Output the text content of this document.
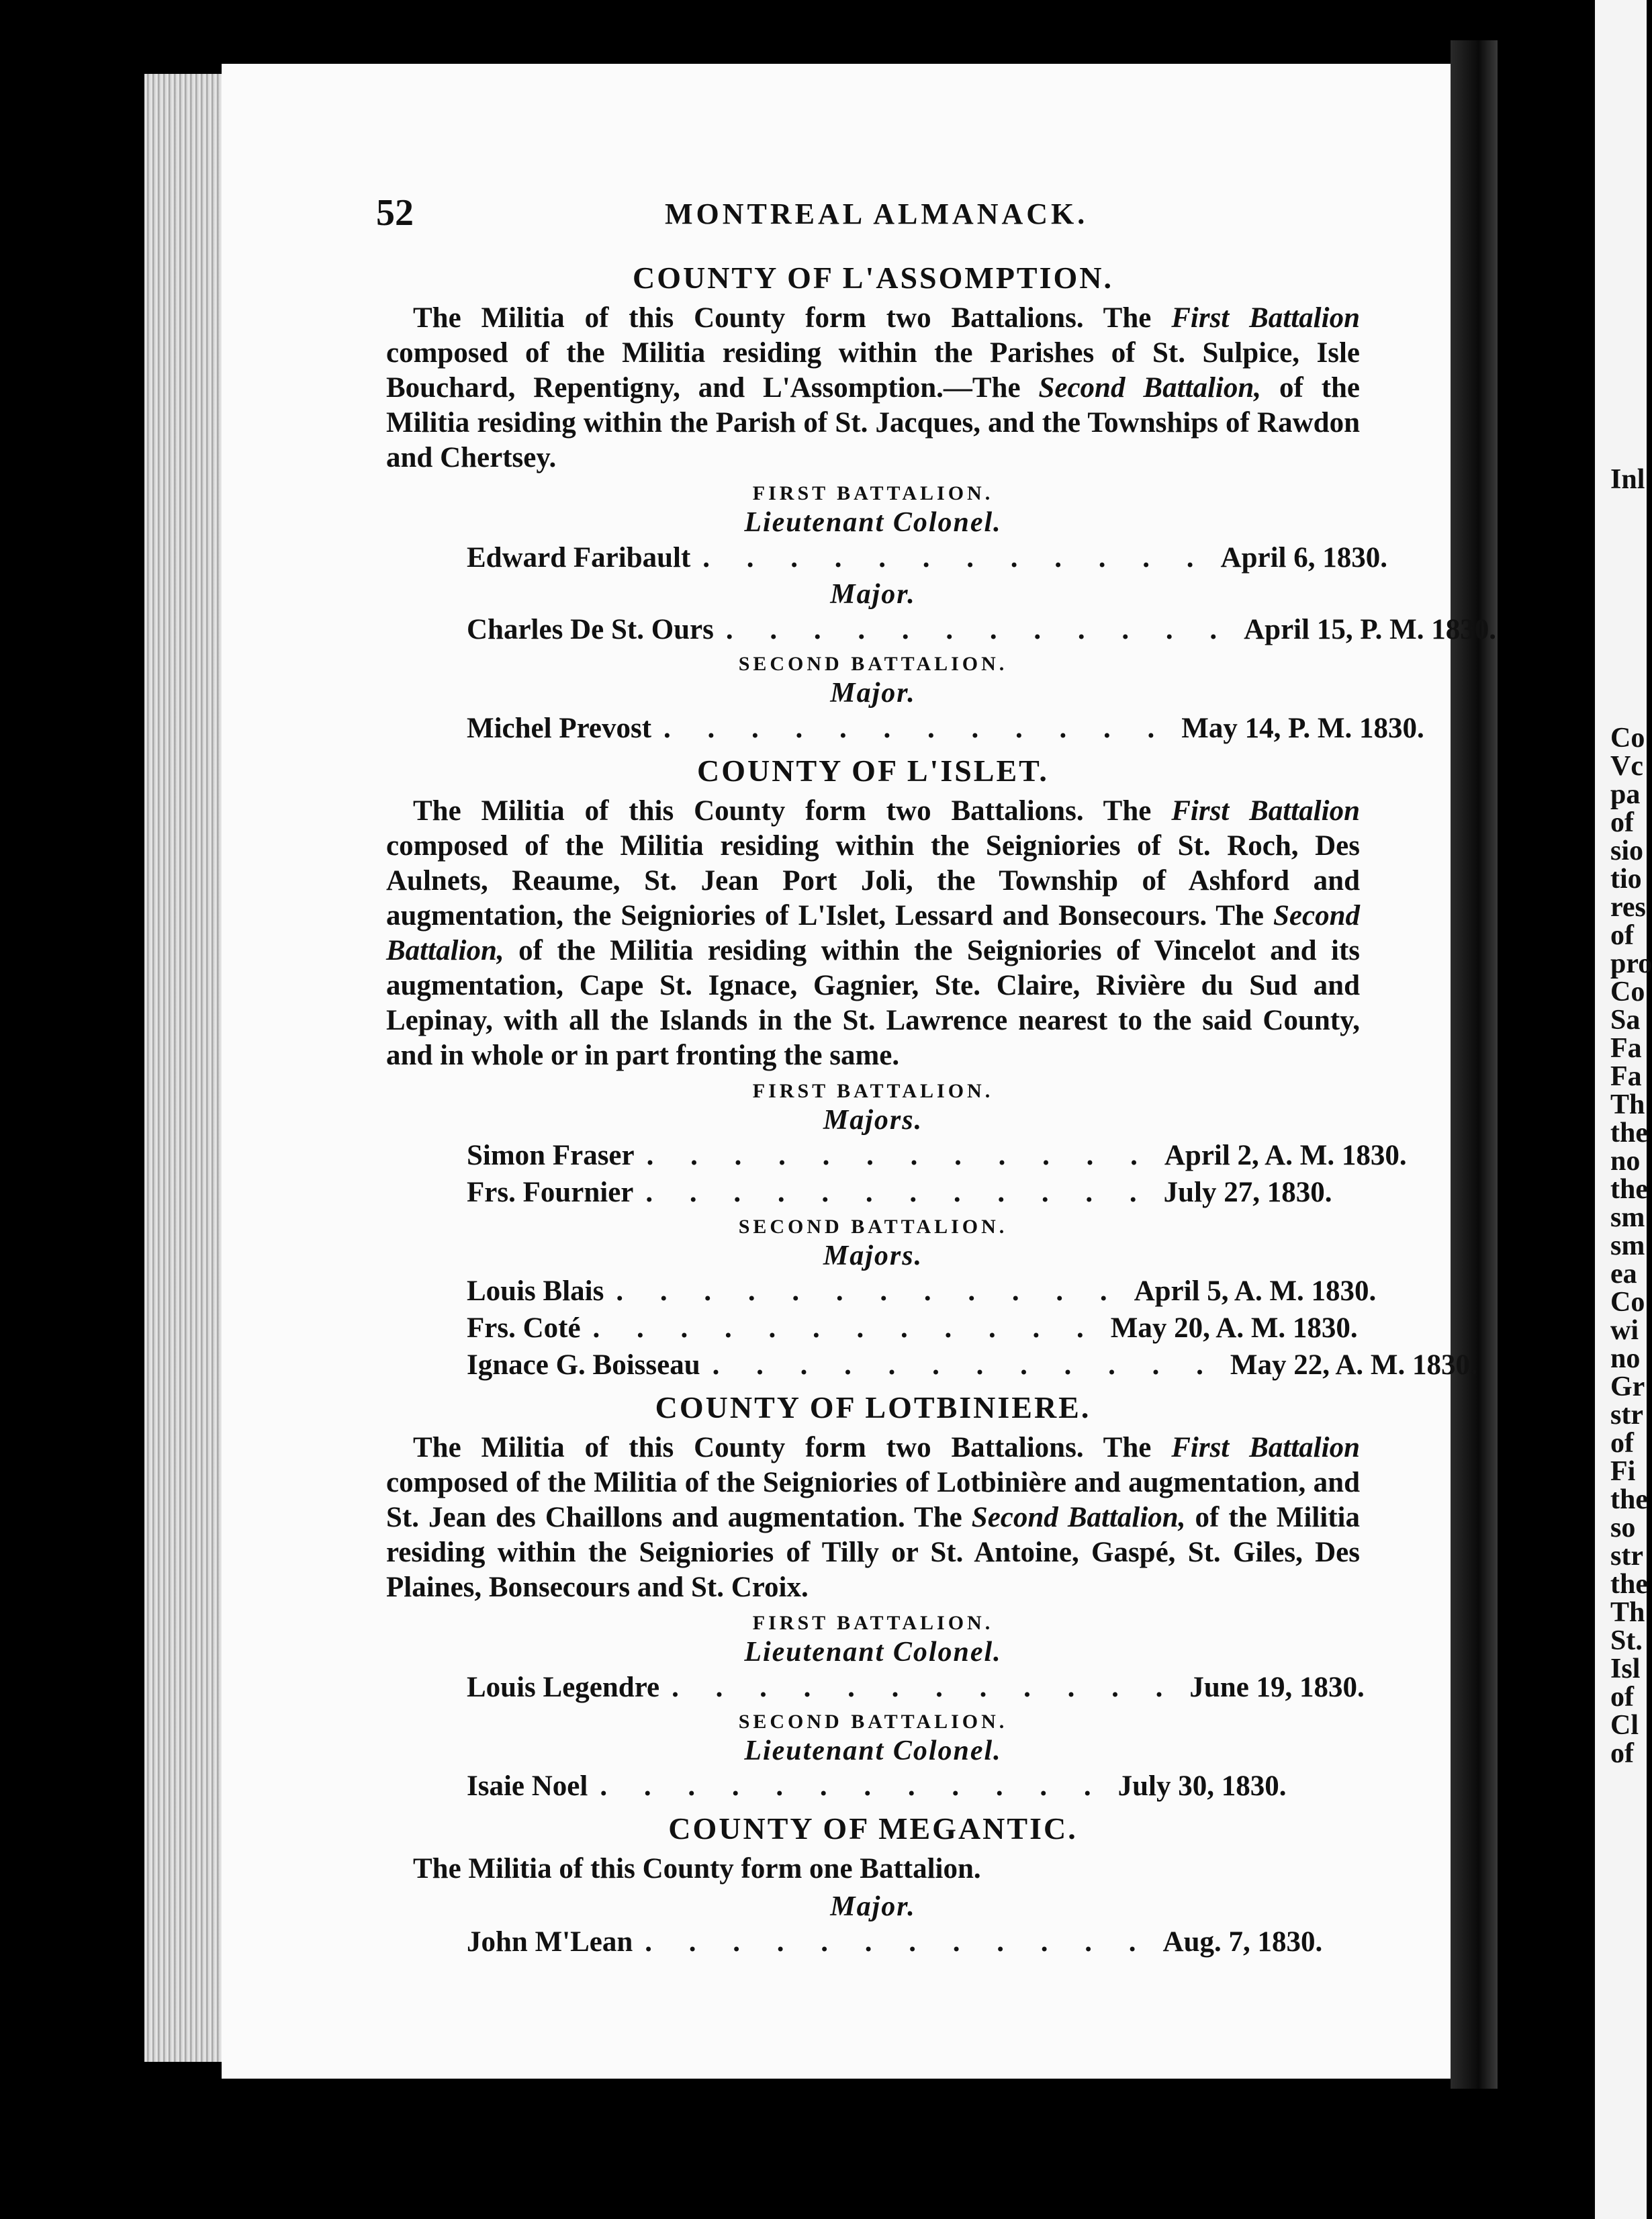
Inl
Co
Vc
pa
of
sio
tio
res
of
pro
Co
Sa
Fa
Fa
Th
the
no
the
sm
sm
ea
Co
wi
no
Gr
str
of
Fi
the
so
str
the
Th
St.
Isl
of
Cl
of
52	MONTREAL ALMANACK.
COUNTY OF L'ASSOMPTION.

The Militia of this County form two Battalions. The First Battalion composed of the Militia residing within the Parishes of St. Sulpice, Isle Bouchard, Repentigny, and L'Assomption.—The Second Battalion, of the Militia residing within the Parish of St. Jacques, and the Townships of Rawdon and Chertsey.

FIRST BATTALION.
Lieutenant Colonel.
Edward Faribault . . . . . . . . . . . . April 6, 1830.
Major.
Charles De St. Ours . . . . . . . . . . . . April 15, P. M. 1830.
SECOND BATTALION.
Major.
Michel Prevost . . . . . . . . . . . . May 14, P. M. 1830.
COUNTY OF L'ISLET.

The Militia of this County form two Battalions. The First Battalion composed of the Militia residing within the Seigniories of St. Roch, Des Aulnets, Reaume, St. Jean Port Joli, the Township of Ashford and augmentation, the Seigniories of L'Islet, Lessard and Bonsecours. The Second Battalion, of the Militia residing within the Seigniories of Vincelot and its augmentation, Cape St. Ignace, Gagnier, Ste. Claire, Rivière du Sud and Lepinay, with all the Islands in the St. Lawrence nearest to the said County, and in whole or in part fronting the same.

FIRST BATTALION.
Majors.
Simon Fraser . . . . . . . . . . . . April 2, A. M. 1830.
Frs. Fournier . . . . . . . . . . . . July 27, 1830.
SECOND BATTALION.
Majors.
Louis Blais . . . . . . . . . . . . April 5, A. M. 1830.
Frs. Coté . . . . . . . . . . . . May 20, A. M. 1830.
Ignace G. Boisseau . . . . . . . . . . . . May 22, A. M. 1830.
COUNTY OF LOTBINIERE.

The Militia of this County form two Battalions. The First Battalion composed of the Militia of the Seigniories of Lotbinière and augmentation, and St. Jean des Chaillons and augmentation. The Second Battalion, of the Militia residing within the Seigniories of Tilly or St. Antoine, Gaspé, St. Giles, Des Plaines, Bonsecours and St. Croix.

FIRST BATTALION.
Lieutenant Colonel.
Louis Legendre . . . . . . . . . . . . June 19, 1830.
SECOND BATTALION.
Lieutenant Colonel.
Isaie Noel . . . . . . . . . . . . July 30, 1830.
COUNTY OF MEGANTIC.

The Militia of this County form one Battalion.

Major.
John M'Lean . . . . . . . . . . . . Aug. 7, 1830.
